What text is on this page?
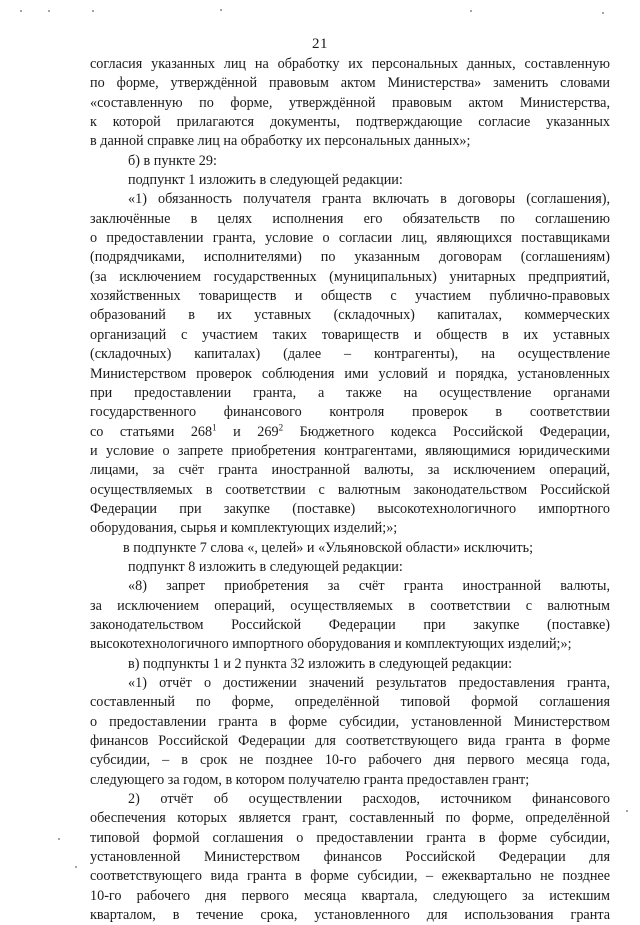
21

согласия указанных лиц на обработку их персональных данных, составленную

по форме, утверждённой правовым актом Министерства» заменить словами

«составленную по форме, утверждённой правовым актом Министерства,

к которой прилагаются документы, подтверждающие согласие указанных

в данной справке лиц на обработку их персональных данных»;

б) в пункте 29:

подпункт 1 изложить в следующей редакции:

«1) обязанность получателя гранта включать в договоры (соглашения),

заключённые в целях исполнения его обязательств по соглашению

о предоставлении гранта, условие о согласии лиц, являющихся поставщиками

(подрядчиками, исполнителями) по указанным договорам (соглашениям)

(за исключением государственных (муниципальных) унитарных предприятий,

хозяйственных товариществ и обществ с участием публично-правовых

образований в их уставных (складочных) капиталах, коммерческих

организаций с участием таких товариществ и обществ в их уставных

(складочных) капиталах) (далее – контрагенты), на осуществление

Министерством проверок соблюдения ими условий и порядка, установленных

при предоставлении гранта, а также на осуществление органами

государственного финансового контроля проверок в соответствии

со статьями $268^1$ и $269^2$ Бюджетного кодекса Российской Федерации,

и условие о запрете приобретения контрагентами, являющимися юридическими

лицами, за счёт гранта иностранной валюты, за исключением операций,

осуществляемых в соответствии с валютным законодательством Российской

Федерации при закупке (поставке) высокотехнологичного импортного

оборудования, сырья и комплектующих изделий;»;

в подпункте 7 слова «, целей» и «Ульяновской области» исключить;

подпункт 8 изложить в следующей редакции:

«8) запрет приобретения за счёт гранта иностранной валюты,

за исключением операций, осуществляемых в соответствии с валютным

законодательством Российской Федерации при закупке (поставке)

высокотехнологичного импортного оборудования и комплектующих изделий;»;

в) подпункты 1 и 2 пункта 32 изложить в следующей редакции:

«1) отчёт о достижении значений результатов предоставления гранта,

составленный по форме, определённой типовой формой соглашения

о предоставлении гранта в форме субсидии, установленной Министерством

финансов Российской Федерации для соответствующего вида гранта в форме

субсидии, – в срок не позднее 10-го рабочего дня первого месяца года,

следующего за годом, в котором получателю гранта предоставлен грант;

2) отчёт об осуществлении расходов, источником финансового

обеспечения которых является грант, составленный по форме, определённой

типовой формой соглашения о предоставлении гранта в форме субсидии,

установленной Министерством финансов Российской Федерации для

соответствующего вида гранта в форме субсидии, – ежеквартально не позднее

10-го рабочего дня первого месяца квартала, следующего за истекшим

кварталом, в течение срока, установленного для использования гранта
